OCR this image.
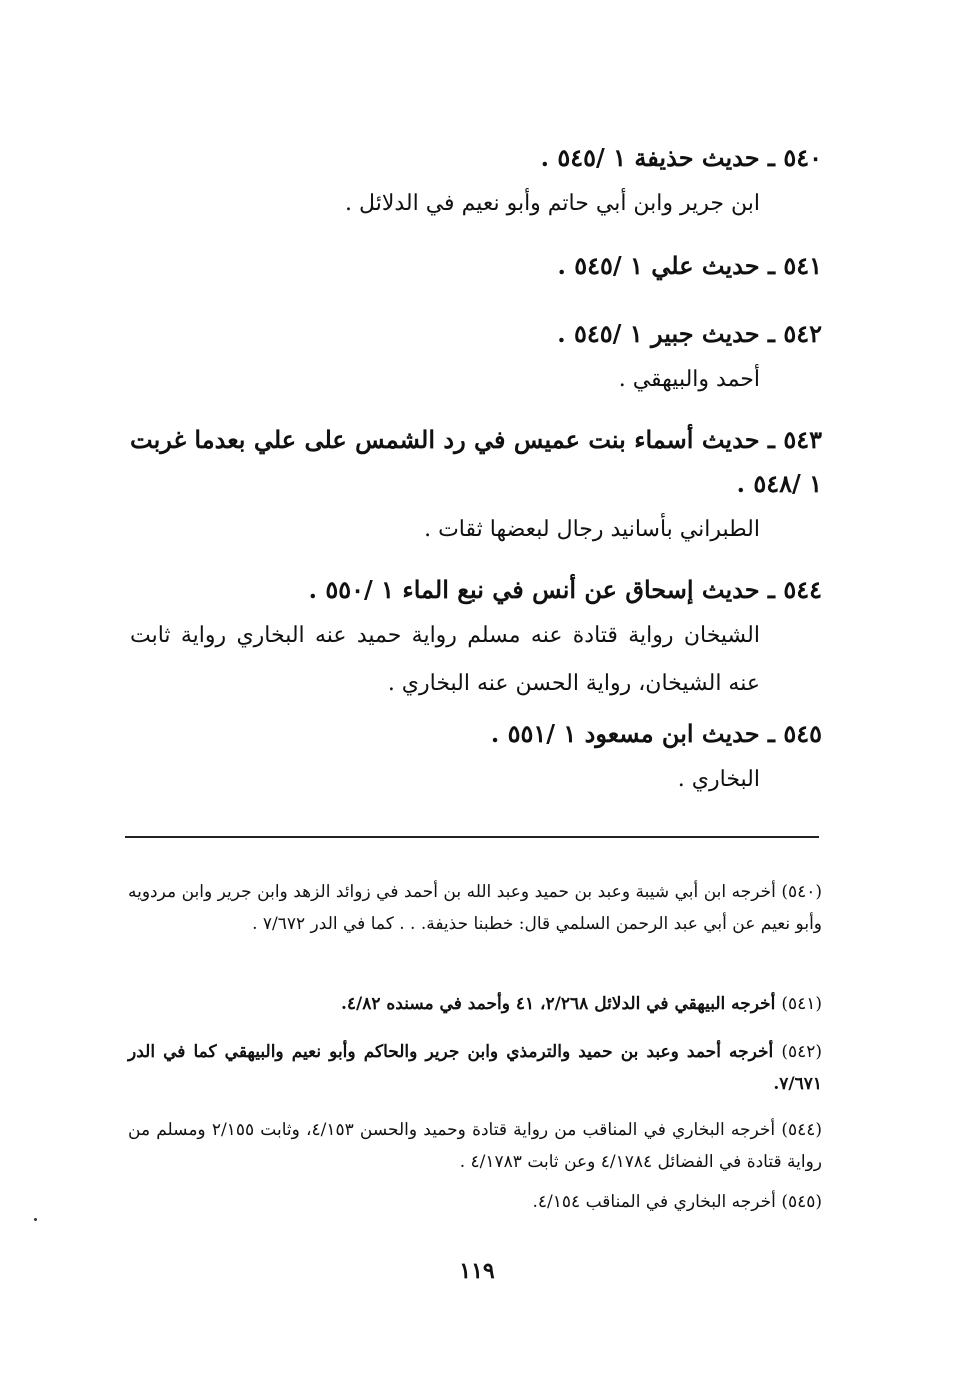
٥٤٠ ـ حديث حذيفة ١ /٥٤٥ .
ابن جرير وابن أبي حاتم وأبو نعيم في الدلائل .
٥٤١ ـ حديث علي ١ /٥٤٥ .
٥٤٢ ـ حديث جبير ١ /٥٤٥ .
أحمد والبيهقي .
٥٤٣ ـ حديث أسماء بنت عميس في رد الشمس على علي بعدما غربت ١ /٥٤٨ .
الطبراني بأسانيد رجال لبعضها ثقات .
٥٤٤ ـ حديث إسحاق عن أنس في نبع الماء ١ /٥٥٠ .
الشيخان رواية قتادة عنه مسلم رواية حميد عنه البخاري رواية ثابت عنه الشيخان، رواية الحسن عنه البخاري .
٥٤٥ ـ حديث ابن مسعود ١ /٥٥١ .
البخاري .
(٥٤٠) أخرجه ابن أبي شيبة وعبد بن حميد وعبد الله بن أحمد في زوائد الزهد وابن جرير وابن مردويه وأبو نعيم عن أبي عبد الرحمن السلمي قال: خطبنا حذيفة. . . كما في الدر ٧/٦٧٢ .
(٥٤١) أخرجه البيهقي في الدلائل ٢/٢٦٨، ٤١ وأحمد في مسنده ٤/٨٢.
(٥٤٢) أخرجه أحمد وعبد بن حميد والترمذي وابن جرير والحاكم وأبو نعيم والبيهقي كما في الدر ٧/٦٧١.
(٥٤٤) أخرجه البخاري في المناقب من رواية قتادة وحميد والحسن ٤/١٥٣، وثابت ٢/١٥٥ ومسلم من رواية قتادة في الفضائل ٤/١٧٨٤ وعن ثابت ٤/١٧٨٣ .
(٥٤٥) أخرجه البخاري في المناقب ٤/١٥٤.
١١٩
